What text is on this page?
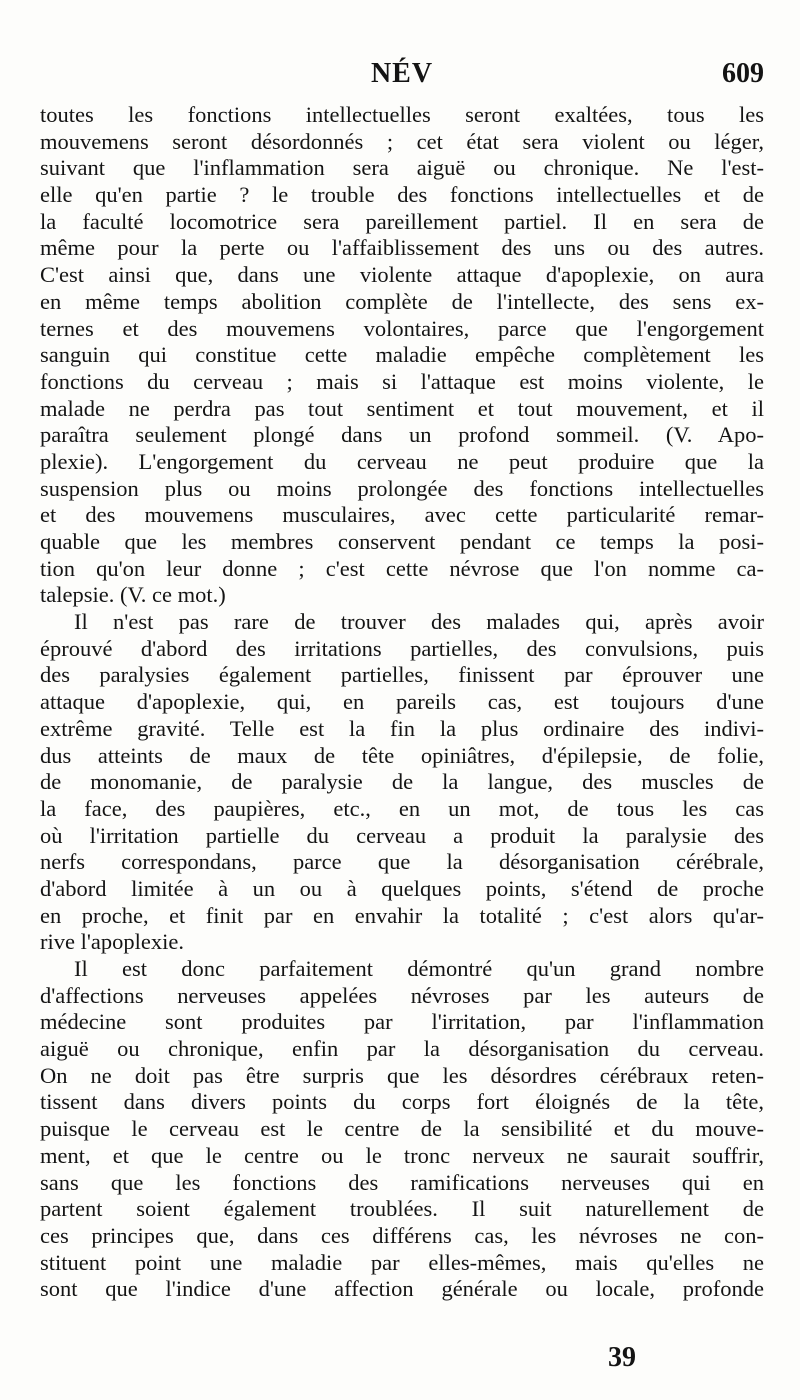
NÉV	609
toutes les fonctions intellectuelles seront exaltées, tous les
mouvemens seront désordonnés ; cet état sera violent ou léger,
suivant que l'inflammation sera aiguë ou chronique. Ne l'est-
elle qu'en partie ? le trouble des fonctions intellectuelles et de
la faculté locomotrice sera pareillement partiel. Il en sera de
même pour la perte ou l'affaiblissement des uns ou des autres.
C'est ainsi que, dans une violente attaque d'apoplexie, on aura
en même temps abolition complète de l'intellecte, des sens ex-
ternes et des mouvemens volontaires, parce que l'engorgement
sanguin qui constitue cette maladie empêche complètement les
fonctions du cerveau ; mais si l'attaque est moins violente, le
malade ne perdra pas tout sentiment et tout mouvement, et il
paraîtra seulement plongé dans un profond sommeil. (V. Apo-
plexie). L'engorgement du cerveau ne peut produire que la
suspension plus ou moins prolongée des fonctions intellectuelles
et des mouvemens musculaires, avec cette particularité remar-
quable que les membres conservent pendant ce temps la posi-
tion qu'on leur donne ; c'est cette névrose que l'on nomme ca-
talepsie. (V. ce mot.)
Il n'est pas rare de trouver des malades qui, après avoir
éprouvé d'abord des irritations partielles, des convulsions, puis
des paralysies également partielles, finissent par éprouver une
attaque d'apoplexie, qui, en pareils cas, est toujours d'une
extrême gravité. Telle est la fin la plus ordinaire des indivi-
dus atteints de maux de tête opiniâtres, d'épilepsie, de folie,
de monomanie, de paralysie de la langue, des muscles de
la face, des paupières, etc., en un mot, de tous les cas
où l'irritation partielle du cerveau a produit la paralysie des
nerfs correspondans, parce que la désorganisation cérébrale,
d'abord limitée à un ou à quelques points, s'étend de proche
en proche, et finit par en envahir la totalité ; c'est alors qu'ar-
rive l'apoplexie.
Il est donc parfaitement démontré qu'un grand nombre
d'affections nerveuses appelées névroses par les auteurs de
médecine sont produites par l'irritation, par l'inflammation
aiguë ou chronique, enfin par la désorganisation du cerveau.
On ne doit pas être surpris que les désordres cérébraux reten-
tissent dans divers points du corps fort éloignés de la tête,
puisque le cerveau est le centre de la sensibilité et du mouve-
ment, et que le centre ou le tronc nerveux ne saurait souffrir,
sans que les fonctions des ramifications nerveuses qui en
partent soient également troublées. Il suit naturellement de
ces principes que, dans ces différens cas, les névroses ne con-
stituent point une maladie par elles-mêmes, mais qu'elles ne
sont que l'indice d'une affection générale ou locale, profonde
39
